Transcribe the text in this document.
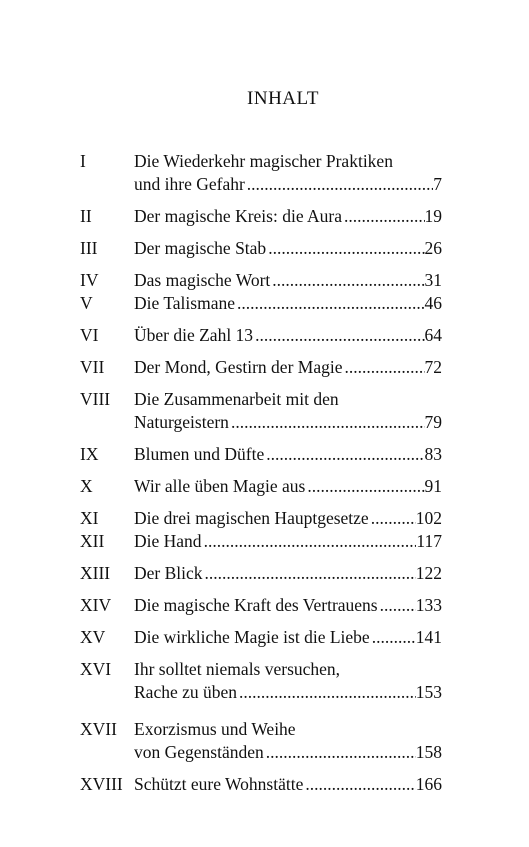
INHALT
I	Die Wiederkehr magischer Praktiken
und ihre Gefahr .....	7
II	Der magische Kreis: die Aura .....	19
III	Der magische Stab .....	26
IV	Das magische Wort .....	31
V	Die Talismane .....	46
VI	Über die Zahl 13 .....	64
VII	Der Mond, Gestirn der Magie .....	72
VIII	Die Zusammenarbeit mit den
Naturgeistern .....	79
IX	Blumen und Düfte .....	83
X	Wir alle üben Magie aus .....	91
XI	Die drei magischen Hauptgesetze .....	102
XII	Die Hand .....	117
XIII	Der Blick .....	122
XIV	Die magische Kraft des Vertrauens ..... 133
XV	Die wirkliche Magie ist die Liebe .....	141
XVI	Ihr solltet niemals versuchen,
Rache zu üben .....	153
XVII Exorzismus und Weihe
von Gegenständen .....	158
XVIII Schützt eure Wohnstätte .....	166
